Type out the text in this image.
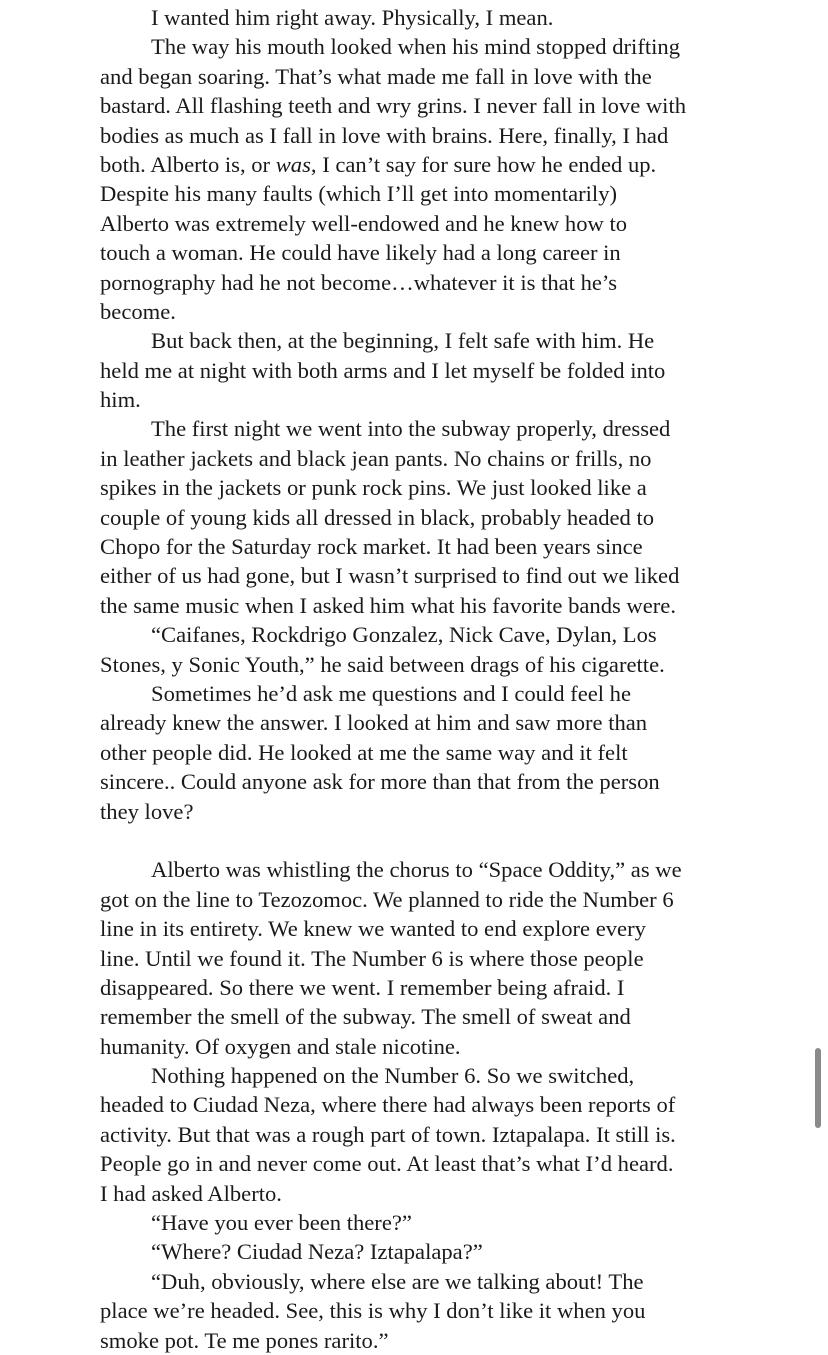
I wanted him right away. Physically, I mean.
The way his mouth looked when his mind stopped drifting
and began soaring. That’s what made me fall in love with the
bastard. All flashing teeth and wry grins. I never fall in love with
bodies as much as I fall in love with brains. Here, finally, I had
both. Alberto is, or was, I can’t say for sure how he ended up.
Despite his many faults (which I’ll get into momentarily)
Alberto was extremely well-endowed and he knew how to
touch a woman. He could have likely had a long career in
pornography had he not become…whatever it is that he’s
become.
But back then, at the beginning, I felt safe with him. He
held me at night with both arms and I let myself be folded into
him.
The first night we went into the subway properly, dressed
in leather jackets and black jean pants. No chains or frills, no
spikes in the jackets or punk rock pins. We just looked like a
couple of young kids all dressed in black, probably headed to
Chopo for the Saturday rock market. It had been years since
either of us had gone, but I wasn’t surprised to find out we liked
the same music when I asked him what his favorite bands were.
“Caifanes, Rockdrigo Gonzalez, Nick Cave, Dylan, Los
Stones, y Sonic Youth,” he said between drags of his cigarette.
Sometimes he’d ask me questions and I could feel he
already knew the answer. I looked at him and saw more than
other people did. He looked at me the same way and it felt
sincere.. Could anyone ask for more than that from the person
they love?
Alberto was whistling the chorus to “Space Oddity,” as we
got on the line to Tezozomoc. We planned to ride the Number 6
line in its entirety. We knew we wanted to end explore every
line. Until we found it. The Number 6 is where those people
disappeared. So there we went. I remember being afraid. I
remember the smell of the subway. The smell of sweat and
humanity. Of oxygen and stale nicotine.
Nothing happened on the Number 6. So we switched,
headed to Ciudad Neza, where there had always been reports of
activity. But that was a rough part of town. Iztapalapa. It still is.
People go in and never come out. At least that’s what I’d heard.
I had asked Alberto.
“Have you ever been there?”
“Where? Ciudad Neza? Iztapalapa?”
“Duh, obviously, where else are we talking about! The
place we’re headed. See, this is why I don’t like it when you
smoke pot. Te me pones rarito.”
